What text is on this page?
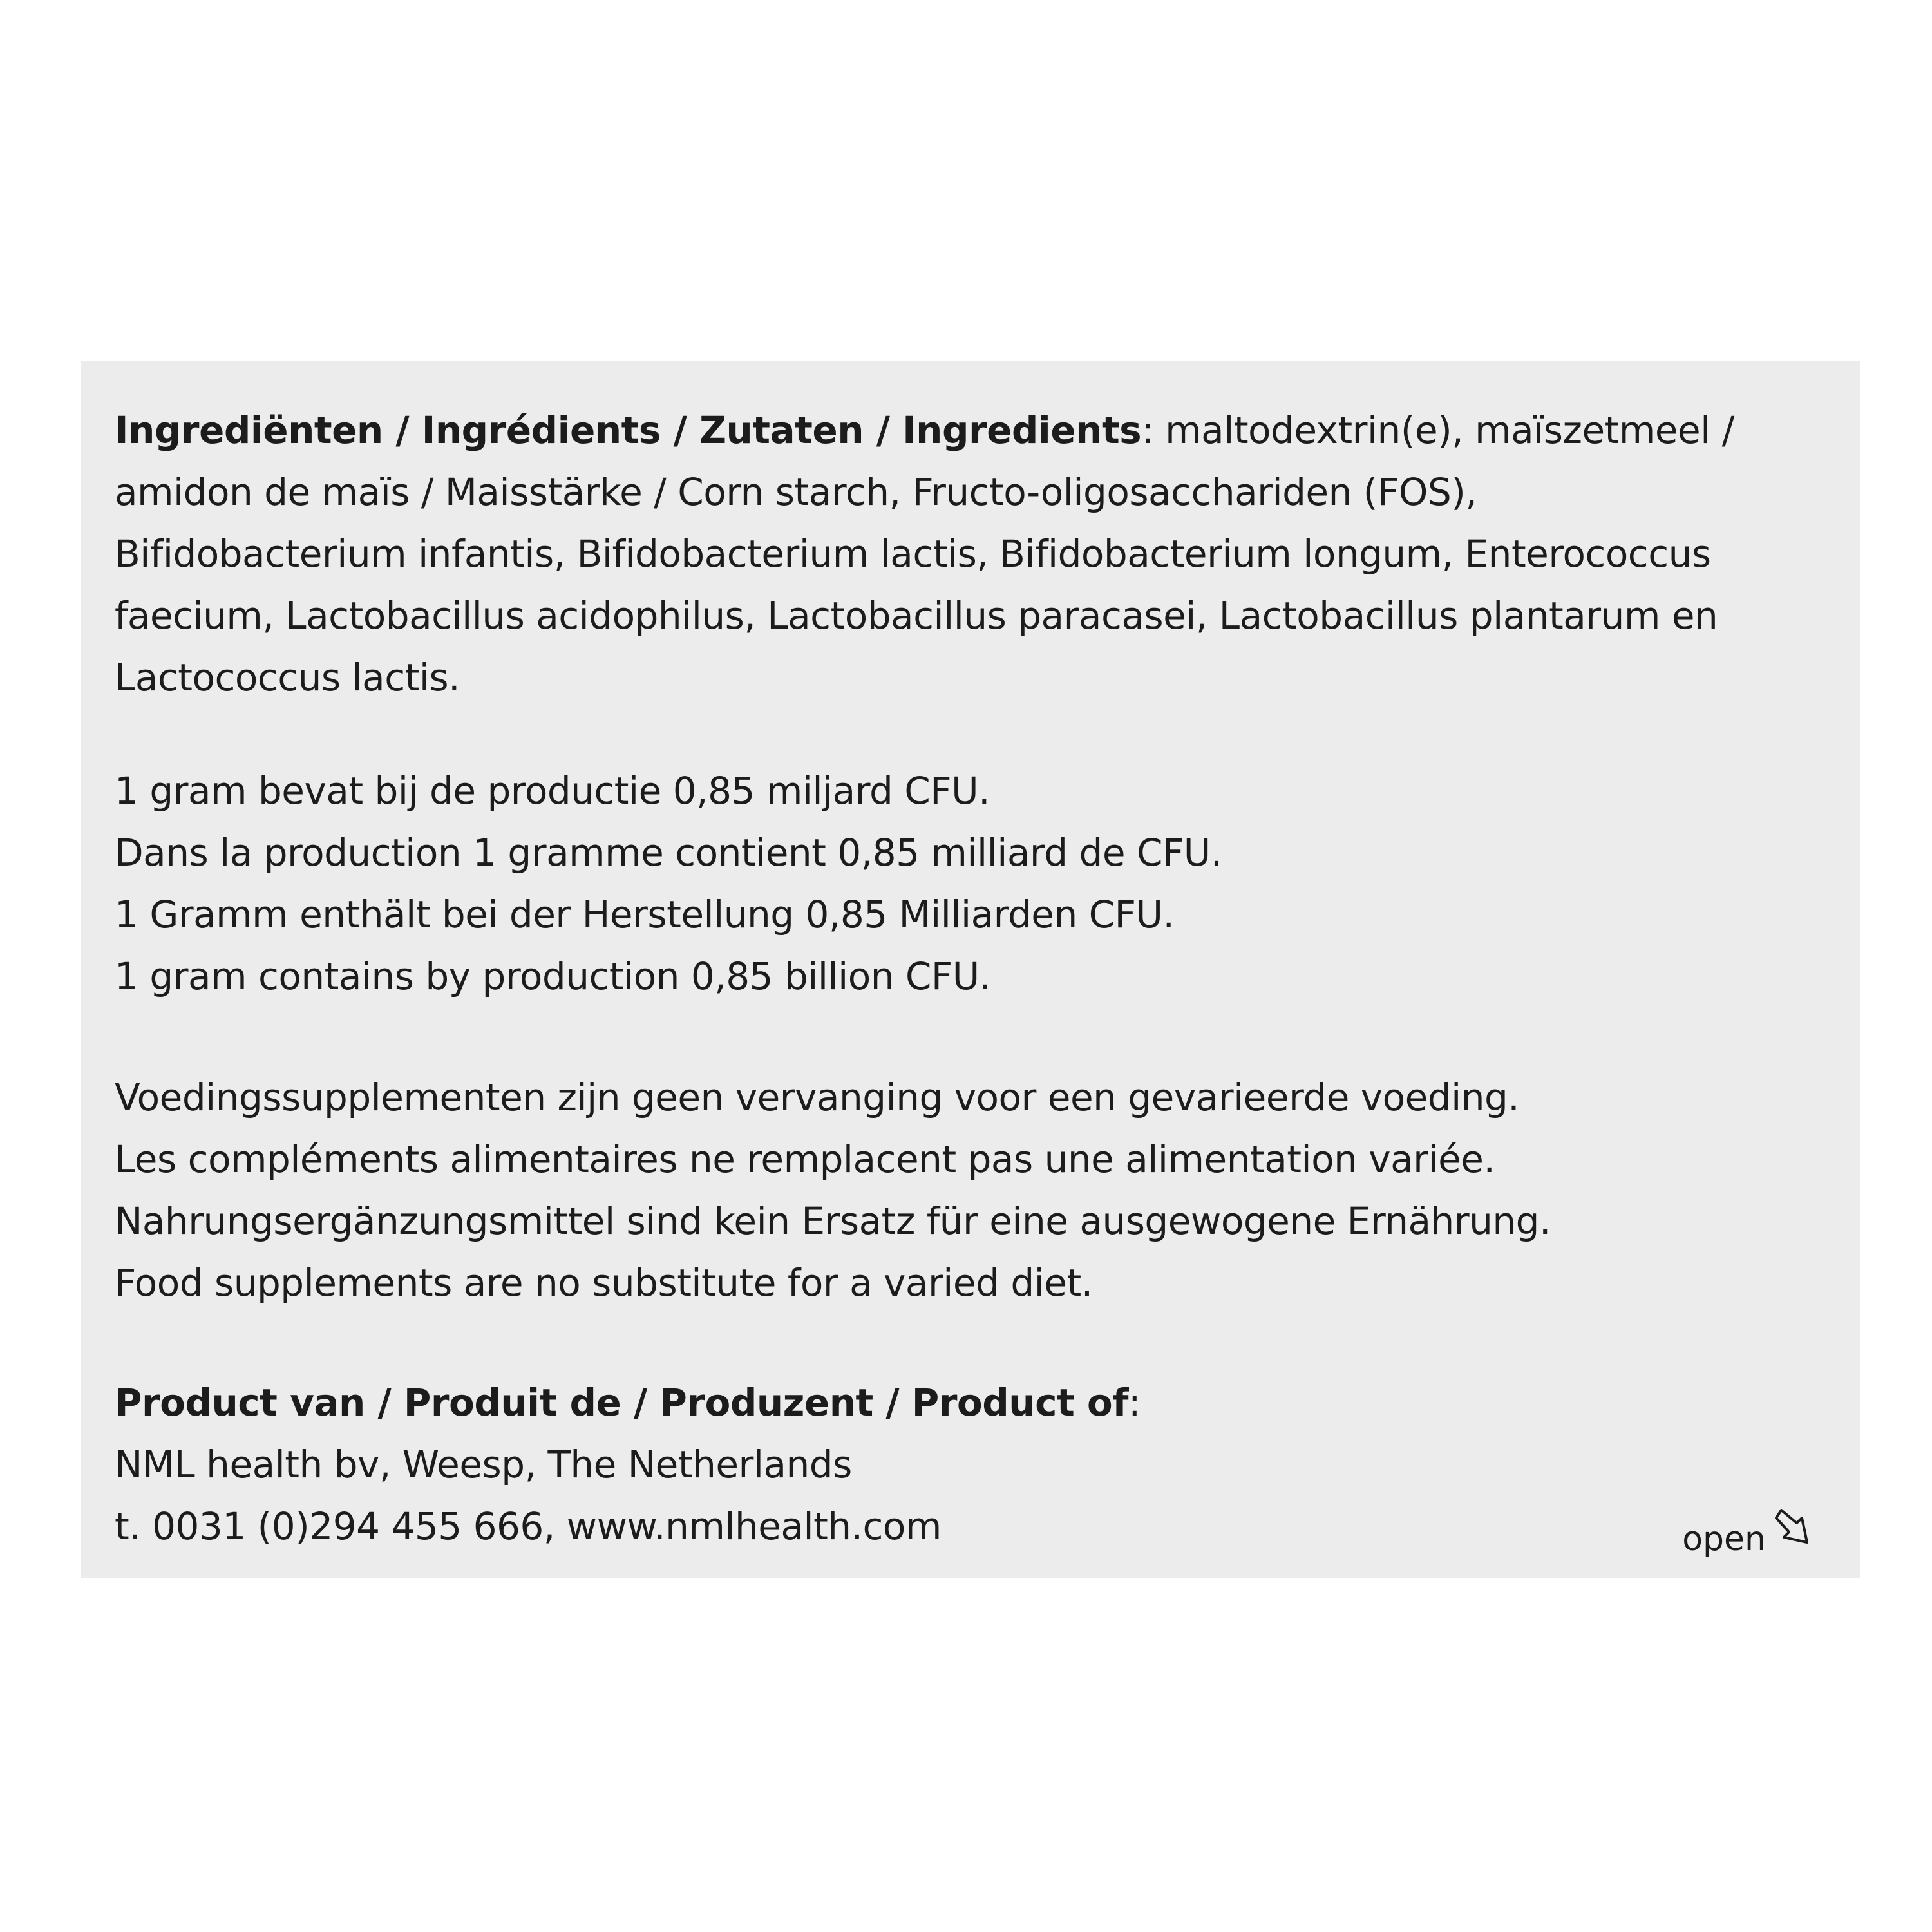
Ingrediënten / Ingrédients / Zutaten / Ingredients: maltodextrin(e), maïszetmeel /
amidon de maïs / Maisstärke / Corn starch, Fructo-oligosacchariden (FOS),
Bifidobacterium infantis, Bifidobacterium lactis, Bifidobacterium longum, Enterococcus
faecium, Lactobacillus acidophilus, Lactobacillus paracasei, Lactobacillus plantarum en
Lactococcus lactis.
1 gram bevat bij de productie 0,85 miljard CFU.
Dans la production 1 gramme contient 0,85 milliard de CFU.
1 Gramm enthält bei der Herstellung 0,85 Milliarden CFU.
1 gram contains by production 0,85 billion CFU.
Voedingssupplementen zijn geen vervanging voor een gevarieerde voeding.
Les compléments alimentaires ne remplacent pas une alimentation variée.
Nahrungsergänzungsmittel sind kein Ersatz für eine ausgewogene Ernährung.
Food supplements are no substitute for a varied diet.
Product van / Produit de / Produzent / Product of:
NML health bv, Weesp, The Netherlands
t. 0031 (0)294 455 666, www.nmlhealth.com	open
